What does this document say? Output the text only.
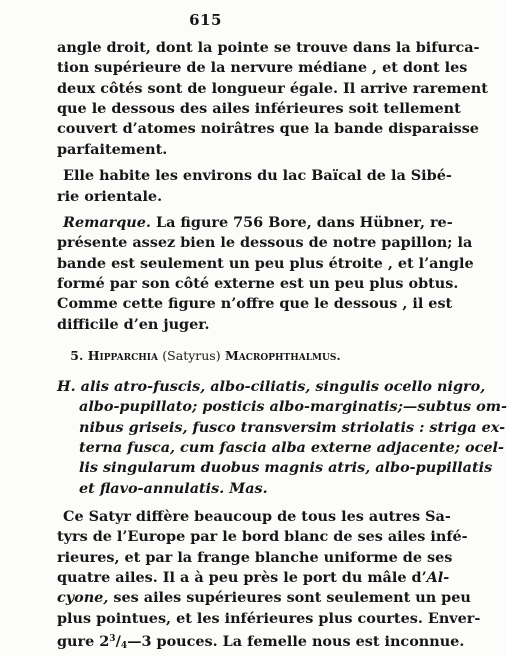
615
angle droit, dont la pointe se trouve dans la bifurca-
tion supérieure de la nervure médiane , et dont les
deux côtés sont de longueur égale. Il arrive rarement
que le dessous des ailes inférieures soit tellement
couvert d’atomes noirâtres que la bande disparaisse
parfaitement.
Elle habite les environs du lac Baïcal de la Sibé-
rie orientale.
Remarque. La figure 756 Bore, dans Hübner, re-
présente assez bien le dessous de notre papillon; la
bande est seulement un peu plus étroite , et l’angle
formé par son côté externe est un peu plus obtus.
Comme cette figure n’offre que le dessous , il est
difficile d’en juger.
5. Hipparchia (Satyrus) Macrophthalmus.
H. alis atro-fuscis, albo-ciliatis, singulis ocello nigro,
albo-pupillato; posticis albo-marginatis;—subtus om-
nibus griseis, fusco transversim striolatis : striga ex-
terna fusca, cum fascia alba externe adjacente; ocel-
lis singularum duobus magnis atris, albo-pupillatis
et flavo-annulatis. Mas.
Ce Satyr diffère beaucoup de tous les autres Sa-
tyrs de l’Europe par le bord blanc de ses ailes infé-
rieures, et par la frange blanche uniforme de ses
quatre ailes. Il a à peu près le port du mâle d’Al-
cyone, ses ailes supérieures sont seulement un peu
plus pointues, et les inférieures plus courtes. Enver-
gure $2^3/_4—3$ pouces. La femelle nous est inconnue.
